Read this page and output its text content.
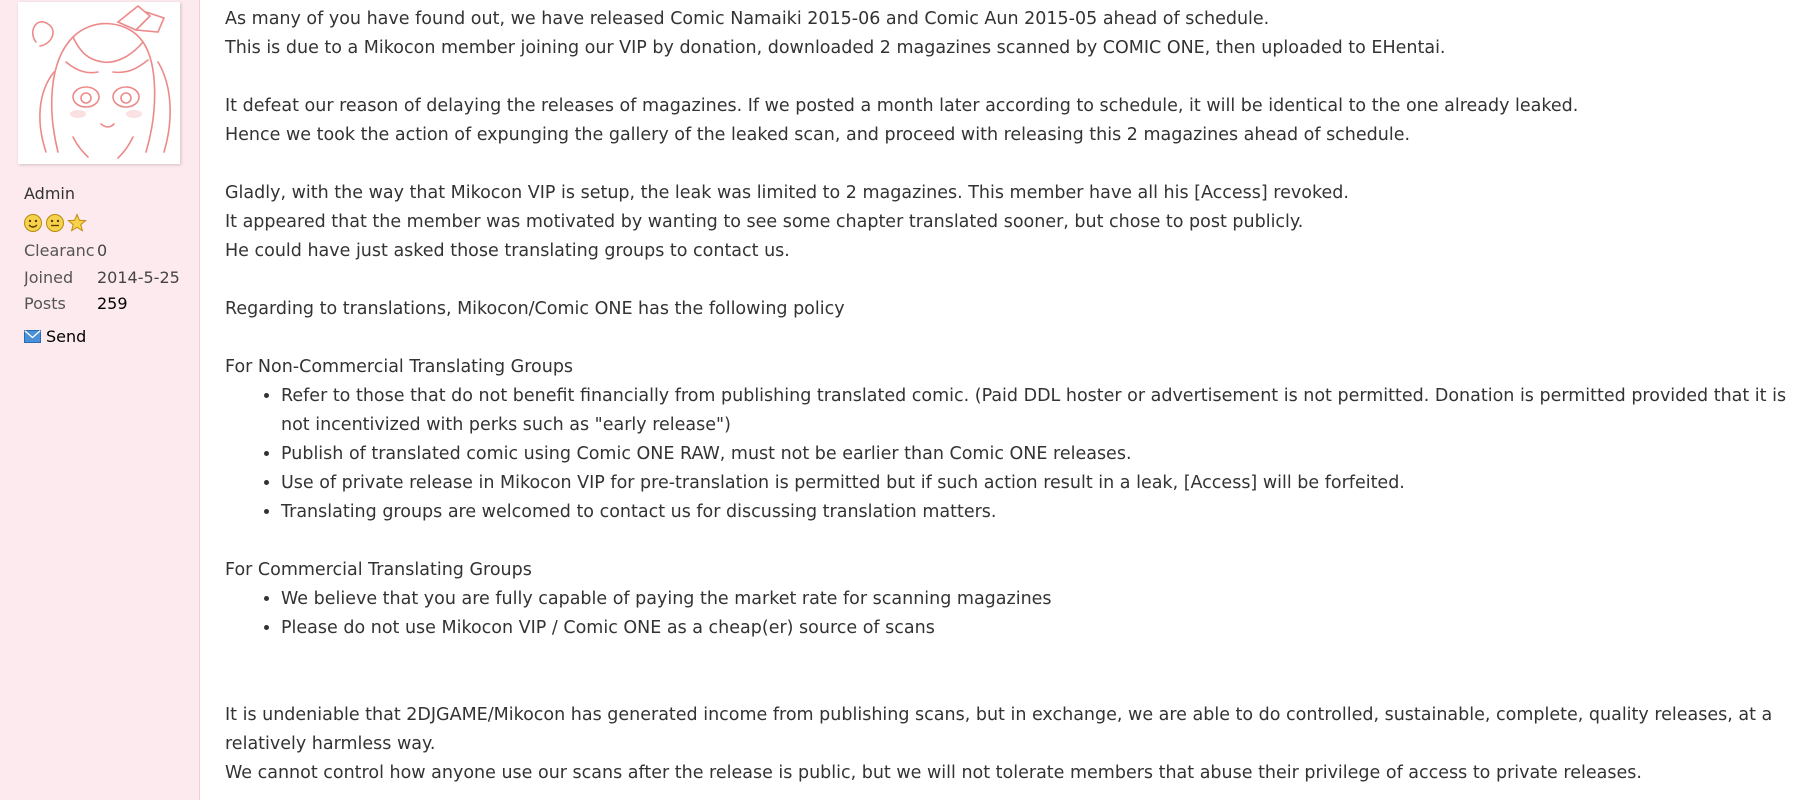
Admin
Clearanc 0
Joined 2014-5-25
Posts 259
Send

As many of you have found out, we have released Comic Namaiki 2015-06 and Comic Aun 2015-05 ahead of schedule.

This is due to a Mikocon member joining our VIP by donation, downloaded 2 magazines scanned by COMIC ONE, then uploaded to EHentai.

It defeat our reason of delaying the releases of magazines. If we posted a month later according to schedule, it will be identical to the one already leaked.

Hence we took the action of expunging the gallery of the leaked scan, and proceed with releasing this 2 magazines ahead of schedule.

Gladly, with the way that Mikocon VIP is setup, the leak was limited to 2 magazines. This member have all his [Access] revoked.

It appeared that the member was motivated by wanting to see some chapter translated sooner, but chose to post publicly.

He could have just asked those translating groups to contact us.

Regarding to translations, Mikocon/Comic ONE has the following policy

For Non-Commercial Translating Groups

• Refer to those that do not benefit financially from publishing translated comic. (Paid DDL hoster or advertisement is not permitted. Donation is permitted provided that it is not incentivized with perks such as "early release")
• Publish of translated comic using Comic ONE RAW, must not be earlier than Comic ONE releases.
• Use of private release in Mikocon VIP for pre-translation is permitted but if such action result in a leak, [Access] will be forfeited.
• Translating groups are welcomed to contact us for discussing translation matters.

For Commercial Translating Groups

• We believe that you are fully capable of paying the market rate for scanning magazines
• Please do not use Mikocon VIP / Comic ONE as a cheap(er) source of scans

It is undeniable that 2DJGAME/Mikocon has generated income from publishing scans, but in exchange, we are able to do controlled, sustainable, complete, quality releases, at a relatively harmless way.

We cannot control how anyone use our scans after the release is public, but we will not tolerate members that abuse their privilege of access to private releases.
